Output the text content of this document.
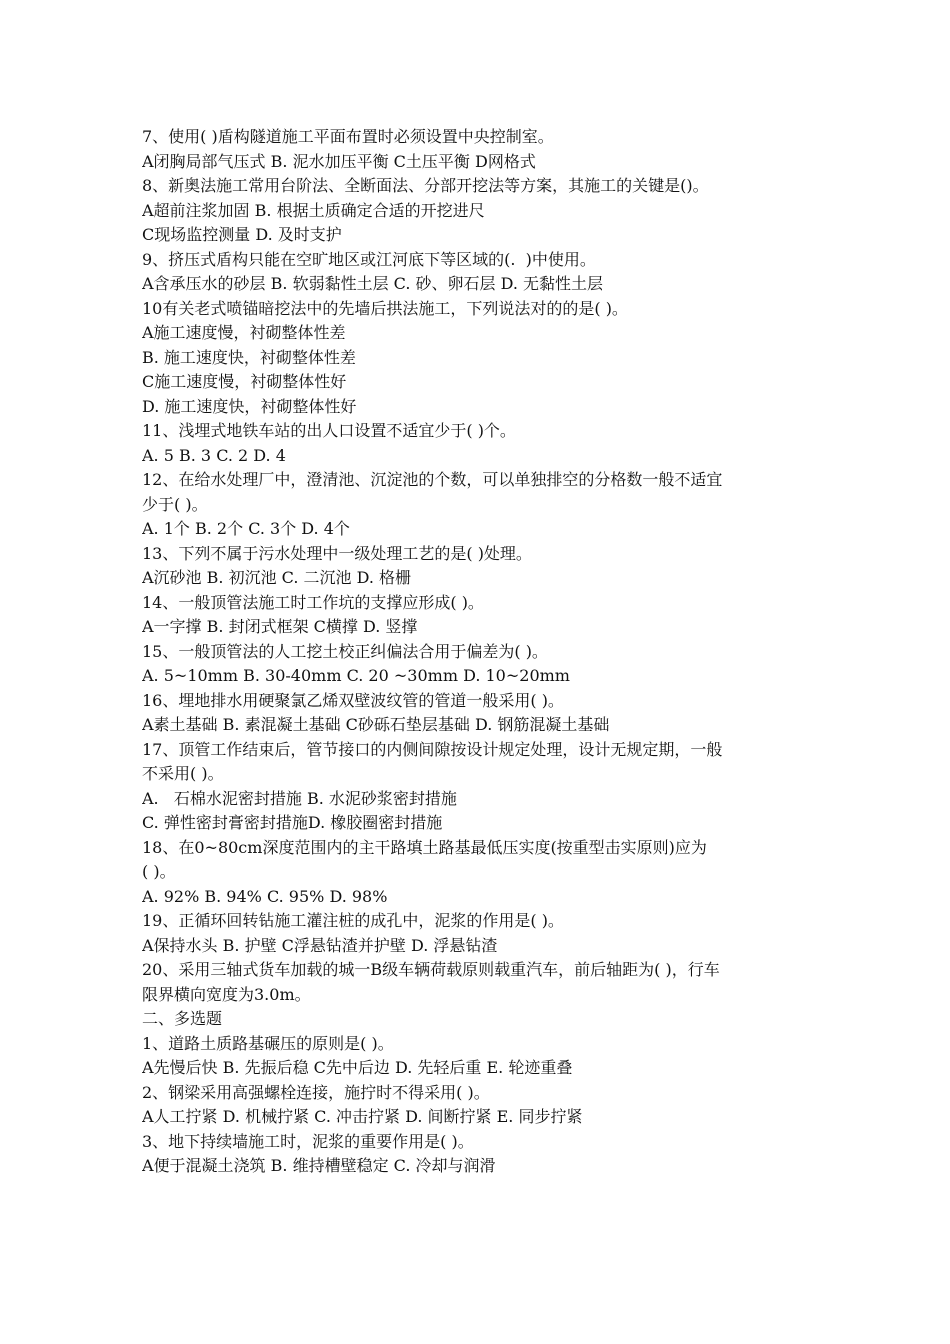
7、使用( )盾构隧道施工平面布置时必须设置中央控制室。
A闭胸局部气压式 B. 泥水加压平衡 C土压平衡 D网格式
8、新奥法施工常用台阶法、全断面法、分部开挖法等方案，其施工的关键是()。
A超前注浆加固 B. 根据土质确定合适的开挖进尺
C现场监控测量 D. 及时支护
9、挤压式盾构只能在空旷地区或江河底下等区域的(.  )中使用。
A含承压水的砂层 B. 软弱黏性土层 C. 砂、卵石层 D. 无黏性土层
10有关老式喷锚暗挖法中的先墙后拱法施工，下列说法对的的是( )。
A施工速度慢，衬砌整体性差
B. 施工速度快，衬砌整体性差
C施工速度慢，衬砌整体性好
D. 施工速度快，衬砌整体性好
11、浅埋式地铁车站的出人口设置不适宜少于( )个。
A. 5 B. 3 C. 2 D. 4
12、在给水处理厂中，澄清池、沉淀池的个数，可以单独排空的分格数一般不适宜
少于( )。
A. 1个 B. 2个 C. 3个 D. 4个
13、下列不属于污水处理中一级处理工艺的是( )处理。
A沉砂池 B. 初沉池 C. 二沉池 D. 格栅
14、一般顶管法施工时工作坑的支撑应形成( )。
A一字撑 B. 封闭式框架 C横撑 D. 竖撑
15、一般顶管法的人工挖土校正纠偏法合用于偏差为( )。
A. 5~10mm B. 30-40mm C. 20 ~30mm D. 10~20mm
16、埋地排水用硬聚氯乙烯双壁波纹管的管道一般采用( )。
A素土基础 B. 素混凝土基础 C砂砾石垫层基础 D. 钢筋混凝土基础
17、顶管工作结束后，管节接口的内侧间隙按设计规定处理，设计无规定期，一般
不采用( )。
A.   石棉水泥密封措施 B. 水泥砂浆密封措施
C. 弹性密封膏密封措施D. 橡胶圈密封措施
18、在0~80cm深度范围内的主干路填土路基最低压实度(按重型击实原则)应为
( )。
A. 92% B. 94% C. 95% D. 98%
19、正循环回转钻施工灌注桩的成孔中，泥浆的作用是( )。
A保持水头 B. 护壁 C浮悬钻渣并护壁 D. 浮悬钻渣
20、采用三轴式货车加载的城一B级车辆荷载原则载重汽车，前后轴距为( )，行车
限界横向宽度为3.0m。
二、多选题
1、道路土质路基碾压的原则是( )。
A先慢后快 B. 先振后稳 C先中后边 D. 先轻后重 E. 轮迹重叠
2、钢梁采用高强螺栓连接，施拧时不得采用( )。
A人工拧紧 D. 机械拧紧 C. 冲击拧紧 D. 间断拧紧 E. 同步拧紧
3、地下持续墙施工时，泥浆的重要作用是( )。
A便于混凝土浇筑 B. 维持槽壁稳定 C. 冷却与润滑
